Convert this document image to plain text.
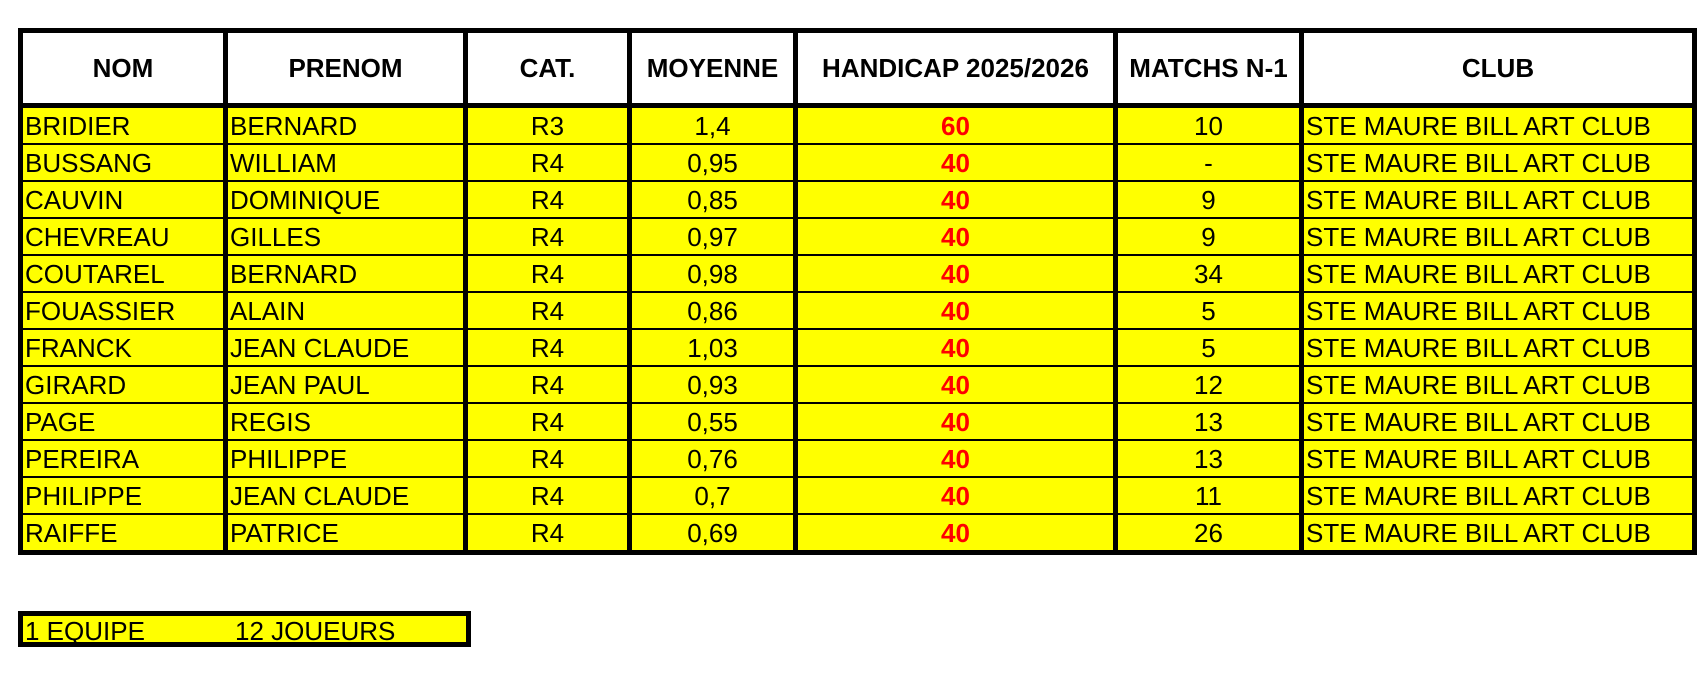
NOM	PRENOM	CAT.	MOYENNE	HANDICAP 2025/2026	MATCHS N-1	CLUB
BRIDIER	BERNARD	R3	1,4	60	10	STE MAURE BILL ART CLUB
BUSSANG	WILLIAM	R4	0,95	40	-	STE MAURE BILL ART CLUB
CAUVIN	DOMINIQUE	R4	0,85	40	9	STE MAURE BILL ART CLUB
CHEVREAU	GILLES	R4	0,97	40	9	STE MAURE BILL ART CLUB
COUTAREL	BERNARD	R4	0,98	40	34	STE MAURE BILL ART CLUB
FOUASSIER	ALAIN	R4	0,86	40	5	STE MAURE BILL ART CLUB
FRANCK	JEAN CLAUDE	R4	1,03	40	5	STE MAURE BILL ART CLUB
GIRARD	JEAN PAUL	R4	0,93	40	12	STE MAURE BILL ART CLUB
PAGE	REGIS	R4	0,55	40	13	STE MAURE BILL ART CLUB
PEREIRA	PHILIPPE	R4	0,76	40	13	STE MAURE BILL ART CLUB
PHILIPPE	JEAN CLAUDE	R4	0,7	40	11	STE MAURE BILL ART CLUB
RAIFFE	PATRICE	R4	0,69	40	26	STE MAURE BILL ART CLUB
1 EQUIPE	12 JOUEURS
